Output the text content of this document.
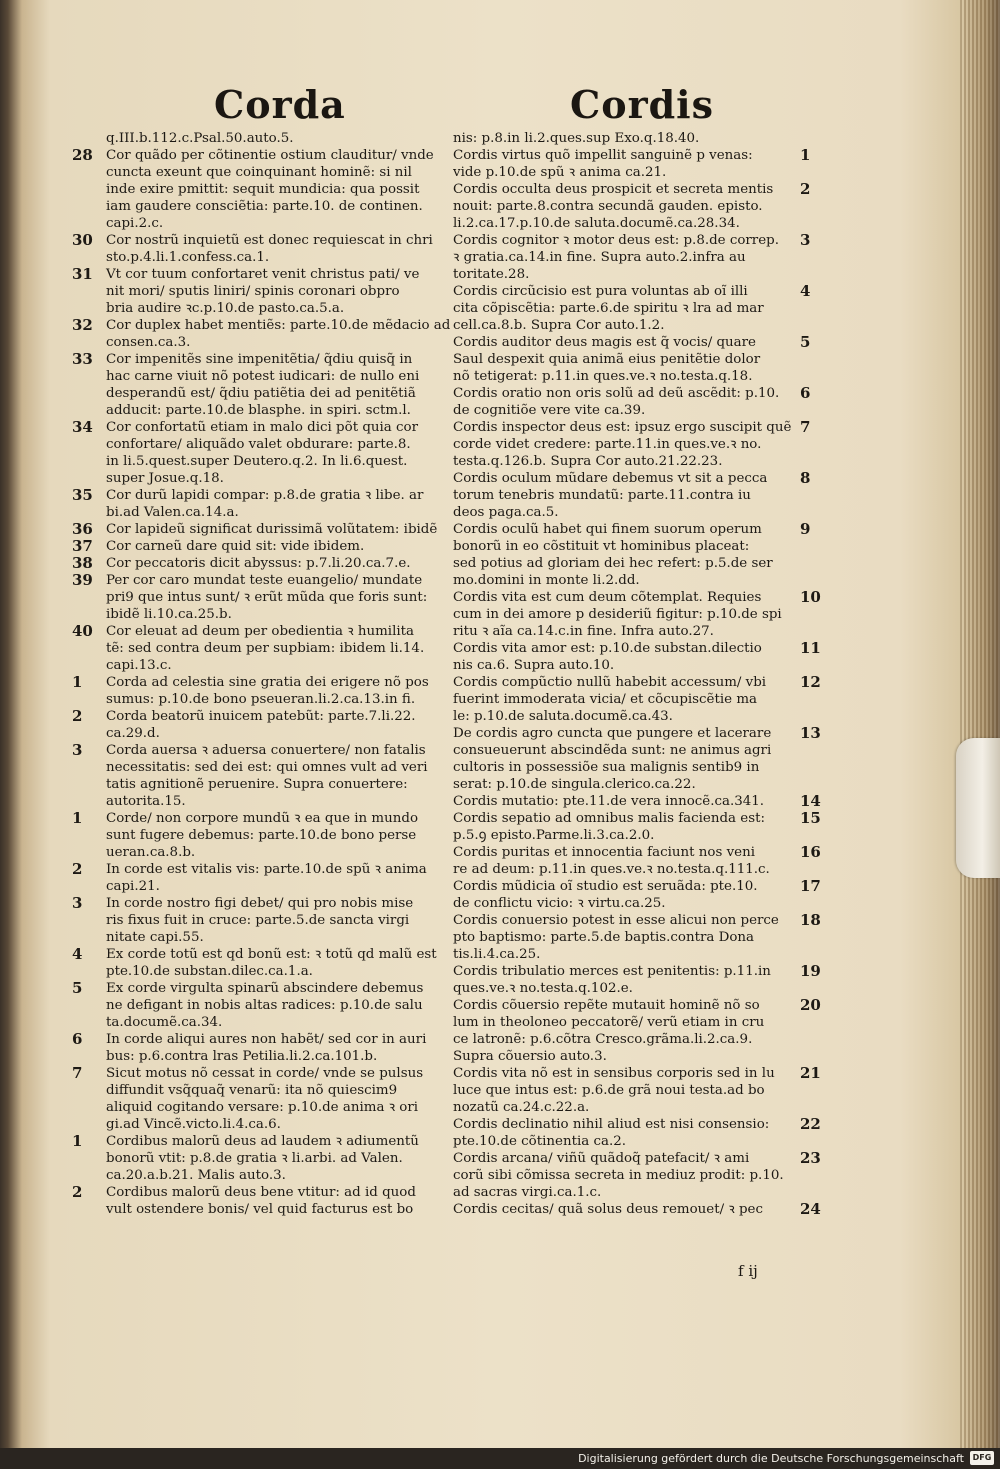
Corda	Cordis
q.III.b.112.c.Psal.50.auto.5.
28 Cor quãdo per cõtinentie ostium clauditur/ vnde
cuncta exeunt que coinquinant hominẽ: si nil
inde exire pmittit: sequit mundicia: qua possit
iam gaudere consciẽtia: parte.10. de continen.
capi.2.c.
30 Cor nostrũ inquietũ est donec requiescat in chri
sto.p.4.li.1.confess.ca.1.
31 Vt cor tuum confortaret venit christus pati/ ve
nit mori/ sputis liniri/ spinis coronari obpro
bria audire ꝛc.p.10.de pasto.ca.5.a.
32 Cor duplex habet mentiẽs: parte.10.de mẽdacio ad
consen.ca.3.
33 Cor impenitẽs sine impenitẽtia/ q̃diu quisq̃ in
hac carne viuit nõ potest iudicari: de nullo eni
desperandũ est/ q̃diu patiẽtia dei ad penitẽtiã
adducit: parte.10.de blasphe. in spiri. sctm.l.
34 Cor confortatũ etiam in malo dici põt quia cor
confortare/ aliquãdo valet obdurare: parte.8.
in li.5.quest.super Deutero.q.2. In li.6.quest.
super Josue.q.18.
35 Cor durũ lapidi compar: p.8.de gratia ꝛ libe. ar
bi.ad Valen.ca.14.a.
36 Cor lapideũ significat durissimã volũtatem: ibidẽ
37 Cor carneũ dare quid sit: vide ibidem.
38 Cor peccatoris dicit abyssus: p.7.li.20.ca.7.e.
39 Per cor caro mundat teste euangelio/ mundate
pri9 que intus sunt/ ꝛ erũt mũda que foris sunt:
ibidẽ li.10.ca.25.b.
40 Cor eleuat ad deum per obedientia ꝛ humilita
tẽ: sed contra deum per supbiam: ibidem li.14.
capi.13.c.
1	Corda ad celestia sine gratia dei erigere nõ pos
sumus: p.10.de bono pseueran.li.2.ca.13.in fi.
2	Corda beatorũ inuicem patebũt: parte.7.li.22.
ca.29.d.
3	Corda auersa ꝛ aduersa conuertere/ non fatalis
necessitatis: sed dei est: qui omnes vult ad veri
tatis agnitionẽ peruenire. Supra conuertere:
autorita.15.
1	Corde/ non corpore mundũ ꝛ ea que in mundo
sunt fugere debemus: parte.10.de bono perse
ueran.ca.8.b.
2	In corde est vitalis vis: parte.10.de spũ ꝛ anima
capi.21.
3	In corde nostro figi debet/ qui pro nobis mise
ris fixus fuit in cruce: parte.5.de sancta virgi
nitate capi.55.
4	Ex corde totũ est qd bonũ est: ꝛ totũ qd malũ est
pte.10.de substan.dilec.ca.1.a.
5	Ex corde virgulta spinarũ abscindere debemus
ne defigant in nobis altas radices: p.10.de salu
ta.documẽ.ca.34.
6	In corde aliqui aures non habẽt/ sed cor in auri
bus: p.6.contra lras Petilia.li.2.ca.101.b.
7	Sicut motus nõ cessat in corde/ vnde se pulsus
diffundit vsq̃quaq̃ venarũ: ita nõ quiescim9
aliquid cogitando versare: p.10.de anima ꝛ ori
gi.ad Vincẽ.victo.li.4.ca.6.
1	Cordibus malorũ deus ad laudem ꝛ adiumentũ
bonorũ vtit: p.8.de gratia ꝛ li.arbi. ad Valen.
ca.20.a.b.21. Malis auto.3.
2	Cordibus malorũ deus bene vtitur: ad id quod
vult ostendere bonis/ vel quid facturus est bo
nis: p.8.in li.2.ques.sup Exo.q.18.40.
1
Cordis virtus quõ impellit sanguinẽ p venas:
vide p.10.de spũ ꝛ anima ca.21.
2
Cordis occulta deus prospicit et secreta mentis
nouit: parte.8.contra secundã gauden. episto.
li.2.ca.17.p.10.de saluta.documẽ.ca.28.34.
3
Cordis cognitor ꝛ motor deus est: p.8.de correp.
ꝛ gratia.ca.14.in fine. Supra auto.2.infra au
toritate.28.
4
Cordis circũcisio est pura voluntas ab oĩ illi
cita cõpiscẽtia: parte.6.de spiritu ꝛ lra ad mar
cell.ca.8.b. Supra Cor auto.1.2.
5
Cordis auditor deus magis est q̃ vocis/ quare
Saul despexit quia animã eius penitẽtie dolor
nõ tetigerat: p.11.in ques.ve.ꝛ no.testa.q.18.
6
Cordis oratio non oris solũ ad deũ ascẽdit: p.10.
de cognitiõe vere vite ca.39.
7
Cordis inspector deus est: ipsuz ergo suscipit quẽ
corde videt credere: parte.11.in ques.ve.ꝛ no.
testa.q.126.b. Supra Cor auto.21.22.23.
8
Cordis oculum mũdare debemus vt sit a pecca
torum tenebris mundatũ: parte.11.contra iu
deos paga.ca.5.
9
Cordis oculũ habet qui finem suorum operum
bonorũ in eo cõstituit vt hominibus placeat:
sed potius ad gloriam dei hec refert: p.5.de ser
mo.domini in monte li.2.dd.
10
Cordis vita est cum deum cõtemplat. Requies
cum in dei amore p desideriũ figitur: p.10.de spi
ritu ꝛ aĩa ca.14.c.in fine. Infra auto.27.
11
Cordis vita amor est: p.10.de substan.dilectio
nis ca.6. Supra auto.10.
12
Cordis compũctio nullũ habebit accessum/ vbi
fuerint immoderata vicia/ et cõcupiscẽtie ma
le: p.10.de saluta.documẽ.ca.43.
13
De cordis agro cuncta que pungere et lacerare
consueuerunt abscindẽda sunt: ne animus agri
cultoris in possessiõe sua malignis sentib9 in
serat: p.10.de singula.clerico.ca.22.
14
Cordis mutatio: pte.11.de vera innocẽ.ca.341.
15
Cordis sepatio ad omnibus malis facienda est:
p.5.ꝯ episto.Parme.li.3.ca.2.0.
16
Cordis puritas et innocentia faciunt nos veni
re ad deum: p.11.in ques.ve.ꝛ no.testa.q.111.c.
17
Cordis mũdicia oĩ studio est seruãda: pte.10.
de conflictu vicio: ꝛ virtu.ca.25.
18
Cordis conuersio potest in esse alicui non perce
pto baptismo: parte.5.de baptis.contra Dona
tis.li.4.ca.25.
19
Cordis tribulatio merces est penitentis: p.11.in
ques.ve.ꝛ no.testa.q.102.e.
20
Cordis cõuersio repẽte mutauit hominẽ nõ so
lum in theoloneo peccatorẽ/ verũ etiam in cru
ce latronẽ: p.6.cõtra Cresco.grãma.li.2.ca.9.
Supra cõuersio auto.3.
21
Cordis vita nõ est in sensibus corporis sed in lu
luce que intus est: p.6.de grã noui testa.ad bo
nozatũ ca.24.c.22.a.
22
Cordis declinatio nihil aliud est nisi consensio:
pte.10.de cõtinentia ca.2.
23
Cordis arcana/ viñũ quãdoq̃ patefacit/ ꝛ ami
corũ sibi cõmissa secreta in mediuz prodit: p.10.
ad sacras virgi.ca.1.c.
24
Cordis cecitas/ quã solus deus remouet/ ꝛ pec
f ij
Digitalisierung gefördert durch die Deutsche Forschungsgemeinschaft	DFG
